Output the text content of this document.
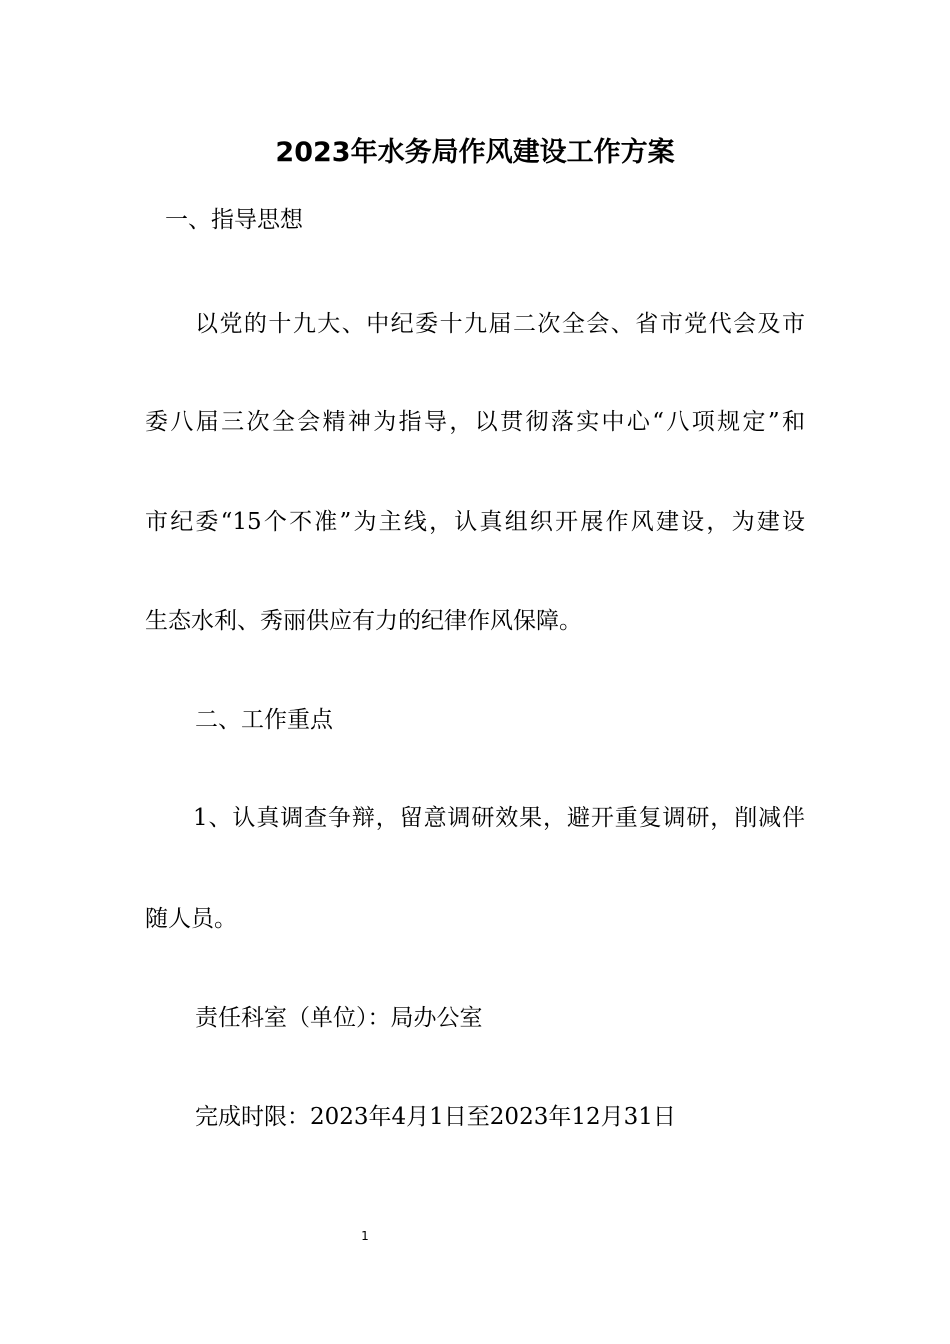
2023年水务局作风建设工作方案

一、指导思想

以党的十九大、中纪委十九届二次全会、省市党代会及市

委八届三次全会精神为指导，以贯彻落实中心“八项规定”和

市纪委“15个不准”为主线，认真组织开展作风建设，为建设

生态水利、秀丽供应有力的纪律作风保障。

二、工作重点

1、认真调查争辩，留意调研效果，避开重复调研，削减伴

随人员。

责任科室（单位）：局办公室

完成时限：2023年4月1日至2023年12月31日

1
